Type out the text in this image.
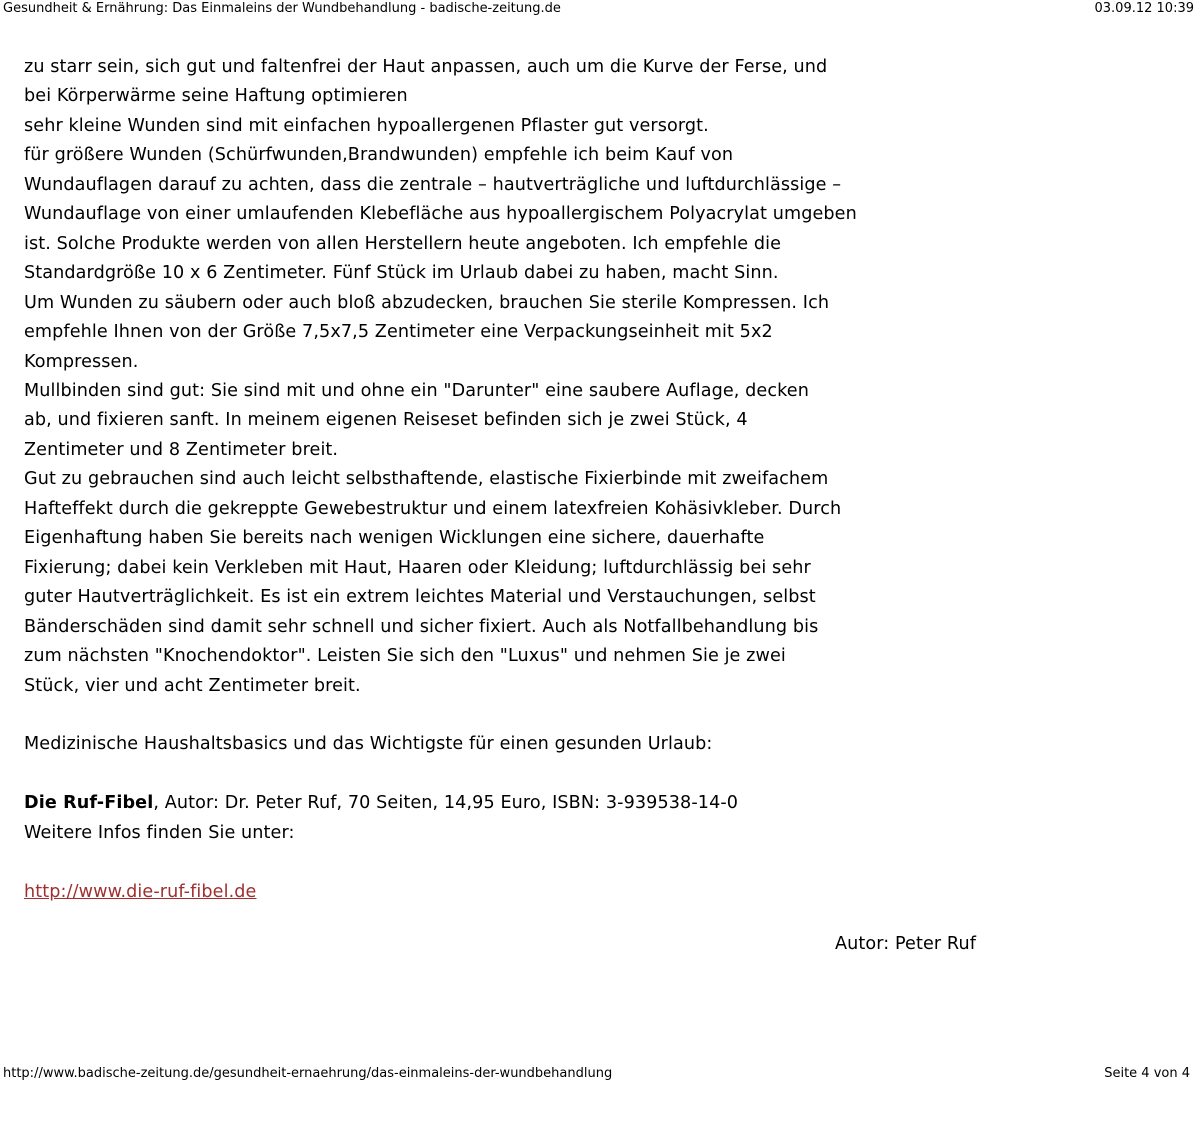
Gesundheit & Ernährung: Das Einmaleins der Wundbehandlung - badische-zeitung.de	03.09.12 10:39
zu starr sein, sich gut und faltenfrei der Haut anpassen, auch um die Kurve der Ferse, und
bei Körperwärme seine Haftung optimieren
sehr kleine Wunden sind mit einfachen hypoallergenen Pflaster gut versorgt.
für größere Wunden (Schürfwunden,Brandwunden) empfehle ich beim Kauf von
Wundauflagen darauf zu achten, dass die zentrale – hautverträgliche und luftdurchlässige –
Wundauflage von einer umlaufenden Klebefläche aus hypoallergischem Polyacrylat umgeben
ist. Solche Produkte werden von allen Herstellern heute angeboten. Ich empfehle die
Standardgröße 10 x 6 Zentimeter. Fünf Stück im Urlaub dabei zu haben, macht Sinn.
Um Wunden zu säubern oder auch bloß abzudecken, brauchen Sie sterile Kompressen. Ich
empfehle Ihnen von der Größe 7,5x7,5 Zentimeter eine Verpackungseinheit mit 5x2
Kompressen.
Mullbinden sind gut: Sie sind mit und ohne ein "Darunter" eine saubere Auflage, decken
ab, und fixieren sanft. In meinem eigenen Reiseset befinden sich je zwei Stück, 4
Zentimeter und 8 Zentimeter breit.
Gut zu gebrauchen sind auch leicht selbsthaftende, elastische Fixierbinde mit zweifachem
Hafteffekt durch die gekreppte Gewebestruktur und einem latexfreien Kohäsivkleber. Durch
Eigenhaftung haben Sie bereits nach wenigen Wicklungen eine sichere, dauerhafte
Fixierung; dabei kein Verkleben mit Haut, Haaren oder Kleidung; luftdurchlässig bei sehr
guter Hautverträglichkeit. Es ist ein extrem leichtes Material und Verstauchungen, selbst
Bänderschäden sind damit sehr schnell und sicher fixiert. Auch als Notfallbehandlung bis
zum nächsten "Knochendoktor". Leisten Sie sich den "Luxus" und nehmen Sie je zwei
Stück, vier und acht Zentimeter breit.
Medizinische Haushaltsbasics und das Wichtigste für einen gesunden Urlaub:
Die Ruf-Fibel, Autor: Dr. Peter Ruf, 70 Seiten, 14,95 Euro, ISBN: 3-939538-14-0
Weitere Infos finden Sie unter:
http://www.die-ruf-fibel.de
Autor: Peter Ruf
http://www.badische-zeitung.de/gesundheit-ernaehrung/das-einmaleins-der-wundbehandlung	Seite 4 von 4
